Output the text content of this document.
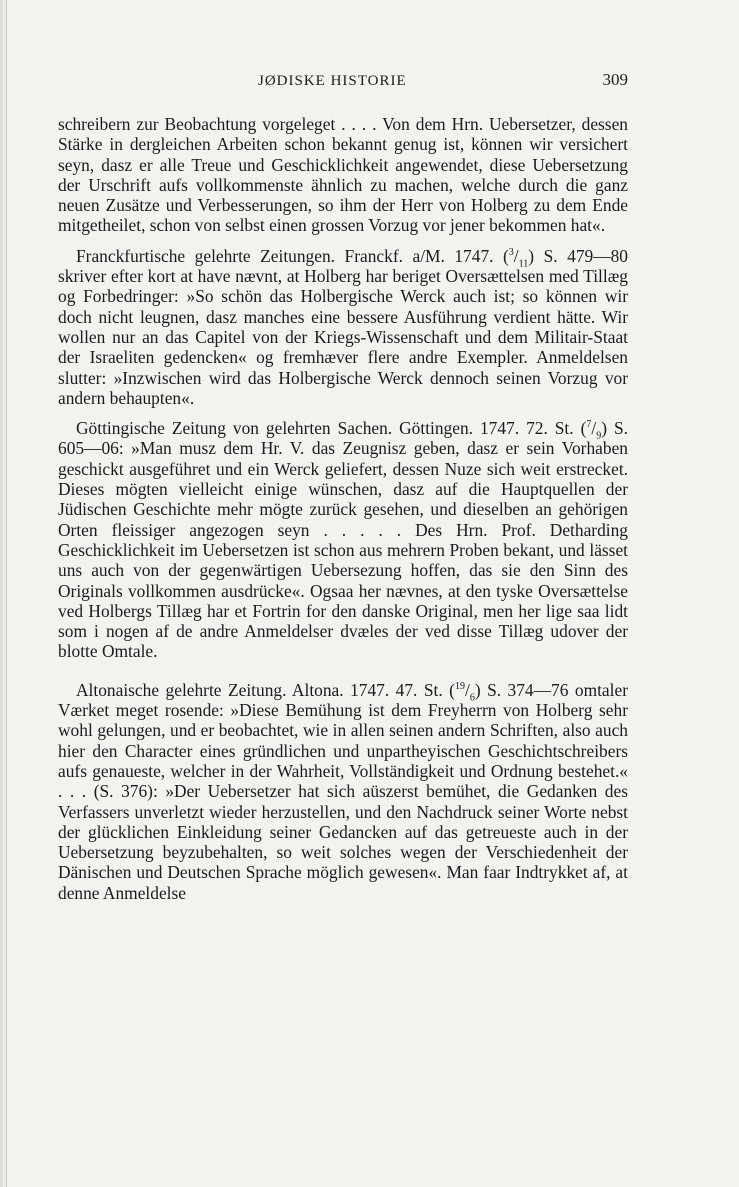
JØDISKE HISTORIE	309

schreibern zur Beobachtung vorgeleget . . . . Von dem Hrn. Uebersetzer, dessen Stärke in dergleichen Arbeiten schon bekannt genug ist, können wir versichert seyn, dasz er alle Treue und Geschicklichkeit angewendet, diese Uebersetzung der Urschrift aufs vollkommenste ähnlich zu machen, welche durch die ganz neuen Zusätze und Verbesserungen, so ihm der Herr von Holberg zu dem Ende mitgetheilet, schon von selbst einen grossen Vorzug vor jener bekommen hat«.

Franckfurtische gelehrte Zeitungen. Franckf. a/M. 1747. $(^3/_{11})$ S. 479—80 skriver efter kort at have nævnt, at Holberg har beriget Oversættelsen med Tillæg og Forbedringer: »So schön das Holbergische Werck auch ist; so können wir doch nicht leugnen, dasz manches eine bessere Ausführung verdient hätte. Wir wollen nur an das Capitel von der Kriegs-Wissenschaft und dem Militair-Staat der Israeliten gedencken« og fremhæver flere andre Exempler. Anmeldelsen slutter: »Inzwischen wird das Holbergische Werck dennoch seinen Vorzug vor andern behaupten«.

Göttingische Zeitung von gelehrten Sachen. Göttingen. 1747. 72. St. $(^7/_9)$ S. 605—06: »Man musz dem Hr. V. das Zeugnisz geben, dasz er sein Vorhaben geschickt ausgeführet und ein Werck geliefert, dessen Nuze sich weit erstrecket. Dieses mögten vielleicht einige wünschen, dasz auf die Hauptquellen der Jüdischen Geschichte mehr mögte zurück gesehen, und dieselben an gehörigen Orten fleissiger angezogen seyn . . . . . Des Hrn. Prof. Detharding Geschicklichkeit im Uebersetzen ist schon aus mehrern Proben bekant, und lässet uns auch von der gegenwärtigen Uebersezung hoffen, das sie den Sinn des Originals vollkommen ausdrücke«. Ogsaa her nævnes, at den tyske Oversættelse ved Holbergs Tillæg har et Fortrin for den danske Original, men her lige saa lidt som i nogen af de andre Anmeldelser dvæles der ved disse Tillæg udover der blotte Omtale.

Altonaische gelehrte Zeitung. Altona. 1747. 47. St. $(^{19}/_6)$ S. 374—76 omtaler Værket meget rosende: »Diese Bemühung ist dem Freyherrn von Holberg sehr wohl gelungen, und er beobachtet, wie in allen seinen andern Schriften, also auch hier den Character eines gründlichen und unpartheyischen Geschichtschreibers aufs genaueste, welcher in der Wahrheit, Vollständigkeit und Ordnung bestehet.« . . . (S. 376): »Der Uebersetzer hat sich aüszerst bemühet, die Gedanken des Verfassers unverletzt wieder herzustellen, und den Nachdruck seiner Worte nebst der glücklichen Einkleidung seiner Gedancken auf das getreueste auch in der Uebersetzung beyzubehalten, so weit solches wegen der Verschiedenheit der Dänischen und Deutschen Sprache möglich gewesen«. Man faar Indtrykket af, at denne Anmeldelse
